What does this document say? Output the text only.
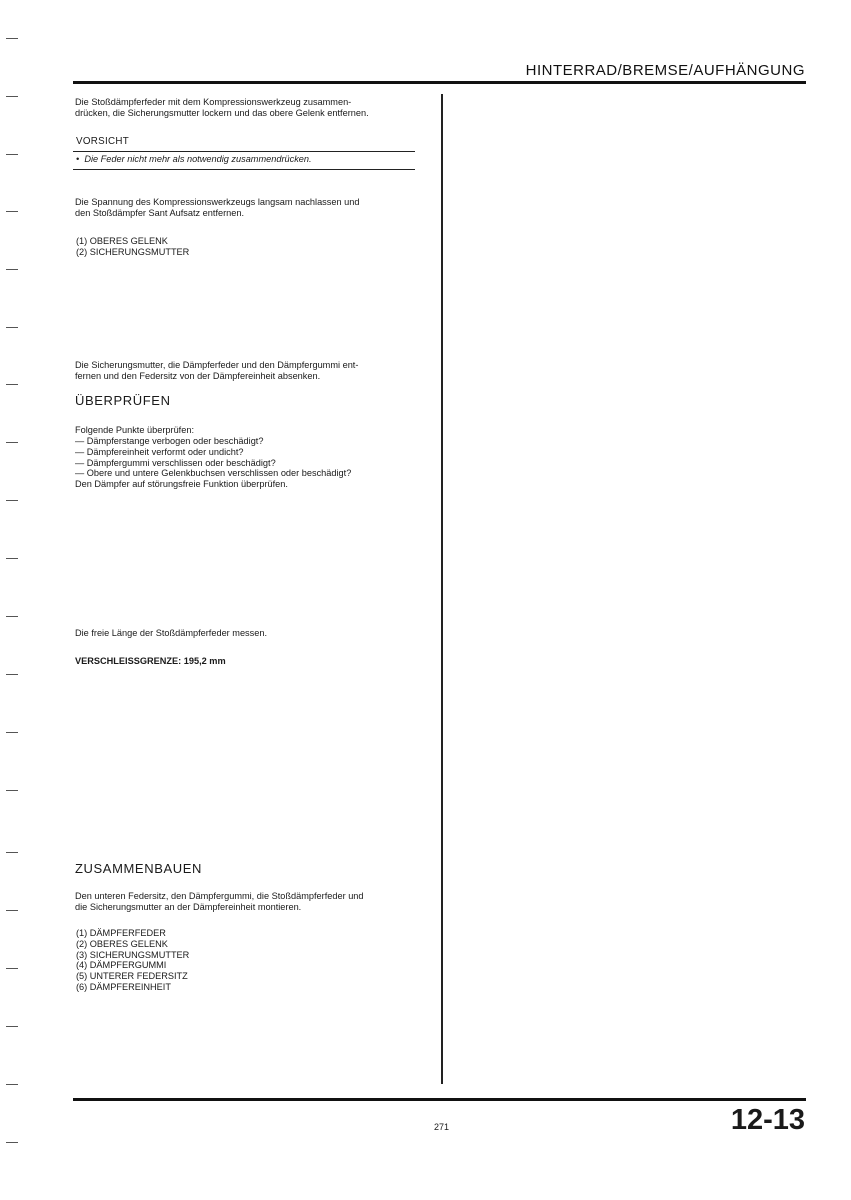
HINTERRAD/BREMSE/AUFHÄNGUNG
Die Stoßdämpferfeder mit dem Kompressionswerkzeug zusammen-
drücken, die Sicherungsmutter lockern und das obere Gelenk entfernen.
VORSICHT
•  Die Feder nicht mehr als notwendig zusammendrücken.
Die Spannung des Kompressionswerkzeugs langsam nachlassen und
den Stoßdämpfer Sant Aufsatz entfernen.
(1) OBERES GELENK
(2) SICHERUNGSMUTTER
Die Sicherungsmutter, die Dämpferfeder und den Dämpfergummi ent-
fernen und den Federsitz von der Dämpfereinheit absenken.
ÜBERPRÜFEN
Folgende Punkte überprüfen:
— Dämpferstange verbogen oder beschädigt?
— Dämpfereinheit verformt oder undicht?
— Dämpfergummi verschlissen oder beschädigt?
— Obere und untere Gelenkbuchsen verschlissen oder beschädigt?
Den Dämpfer auf störungsfreie Funktion überprüfen.
Die freie Länge der Stoßdämpferfeder messen.
VERSCHLEISSGRENZE: 195,2 mm
ZUSAMMENBAUEN
Den unteren Federsitz, den Dämpfergummi, die Stoßdämpferfeder und
die Sicherungsmutter an der Dämpfereinheit montieren.
(1) DÄMPFERFEDER
(2) OBERES GELENK
(3) SICHERUNGSMUTTER
(4) DÄMPFERGUMMI
(5) UNTERER FEDERSITZ
(6) DÄMPFEREINHEIT
271	12-13
